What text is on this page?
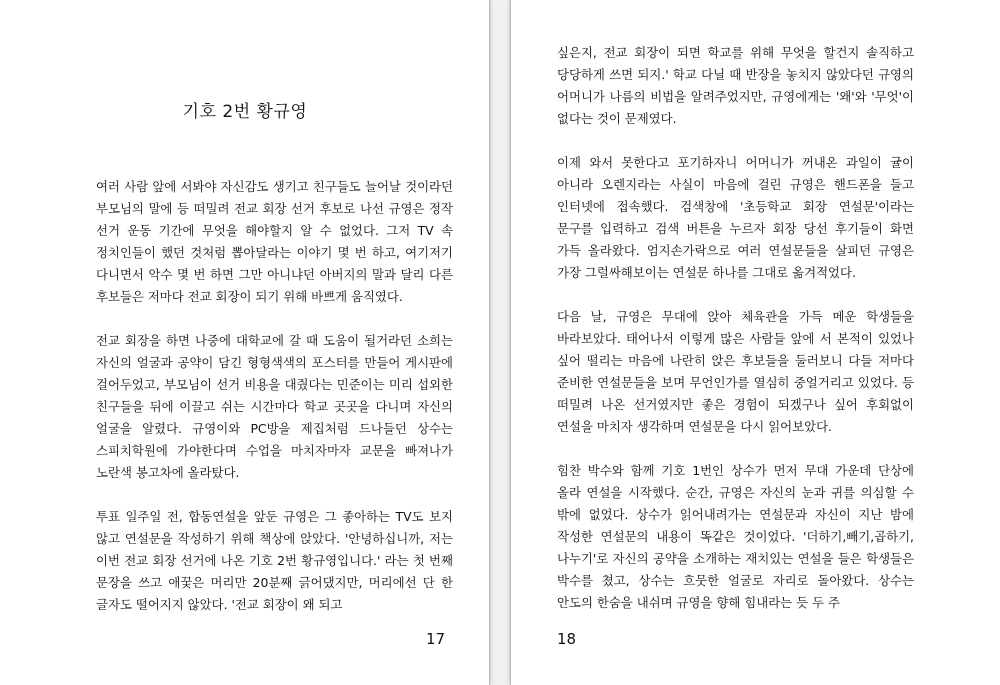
기호 2번 황규영

여러 사람 앞에 서봐야 자신감도 생기고 친구들도 늘어날 것이라던 부모님의 말에 등 떠밀려 전교 회장 선거 후보로 나선 규영은 정작 선거 운동 기간에 무엇을 해야할지 알 수 없었다. 그저 TV 속 정치인들이 했던 것처럼 뽑아달라는 이야기 몇 번 하고, 여기저기 다니면서 악수 몇 번 하면 그만 아니냐던 아버지의 말과 달리 다른 후보들은 저마다 전교 회장이 되기 위해 바쁘게 움직였다.

전교 회장을 하면 나중에 대학교에 갈 때 도움이 될거라던 소희는 자신의 얼굴과 공약이 담긴 형형색색의 포스터를 만들어 게시판에 걸어두었고, 부모님이 선거 비용을 대줬다는 민준이는 미리 섭외한 친구들을 뒤에 이끌고 쉬는 시간마다 학교 곳곳을 다니며 자신의 얼굴을 알렸다. 규영이와 PC방을 제집처럼 드나들던 상수는 스피치학원에 가야한다며 수업을 마치자마자 교문을 빠져나가 노란색 봉고차에 올라탔다.

투표 일주일 전, 합동연설을 앞둔 규영은 그 좋아하는 TV도 보지 않고 연설문을 작성하기 위해 책상에 앉았다. '안녕하십니까, 저는 이번 전교 회장 선거에 나온 기호 2번 황규영입니다.' 라는 첫 번째 문장을 쓰고 애꿎은 머리만 20분째 긁어댔지만, 머리에선 단 한 글자도 떨어지지 않았다. '전교 회장이 왜 되고

17

싶은지, 전교 회장이 되면 학교를 위해 무엇을 할건지 솔직하고 당당하게 쓰면 되지.' 학교 다닐 때 반장을 놓치지 않았다던 규영의 어머니가 나름의 비법을 알려주었지만, 규영에게는 '왜'와 '무엇'이 없다는 것이 문제였다.

이제 와서 못한다고 포기하자니 어머니가 꺼내온 과일이 귤이 아니라 오렌지라는 사실이 마음에 걸린 규영은 핸드폰을 들고 인터넷에 접속했다. 검색창에 '초등학교 회장 연설문'이라는 문구를 입력하고 검색 버튼을 누르자 회장 당선 후기들이 화면 가득 올라왔다. 엄지손가락으로 여러 연설문들을 살피던 규영은 가장 그럴싸해보이는 연설문 하나를 그대로 옮겨적었다.

다음 날, 규영은 무대에 앉아 체육관을 가득 메운 학생들을 바라보았다. 태어나서 이렇게 많은 사람들 앞에 서 본적이 있었나 싶어 떨리는 마음에 나란히 앉은 후보들을 둘러보니 다들 저마다 준비한 연설문들을 보며 무언인가를 열심히 중얼거리고 있었다. 등 떠밀려 나온 선거였지만 좋은 경험이 되겠구나 싶어 후회없이 연설을 마치자 생각하며 연설문을 다시 읽어보았다.

힘찬 박수와 함께 기호 1번인 상수가 먼저 무대 가운데 단상에 올라 연설을 시작했다. 순간, 규영은 자신의 눈과 귀를 의심할 수 밖에 없었다. 상수가 읽어내려가는 연설문과 자신이 지난 밤에 작성한 연설문의 내용이 똑같은 것이었다. '더하기,빼기,곱하기,나누기'로 자신의 공약을 소개하는 재치있는 연설을 들은 학생들은 박수를 쳤고, 상수는 흐뭇한 얼굴로 자리로 돌아왔다. 상수는 안도의 한숨을 내쉬며 규영을 향해 힘내라는 듯 두 주

18
